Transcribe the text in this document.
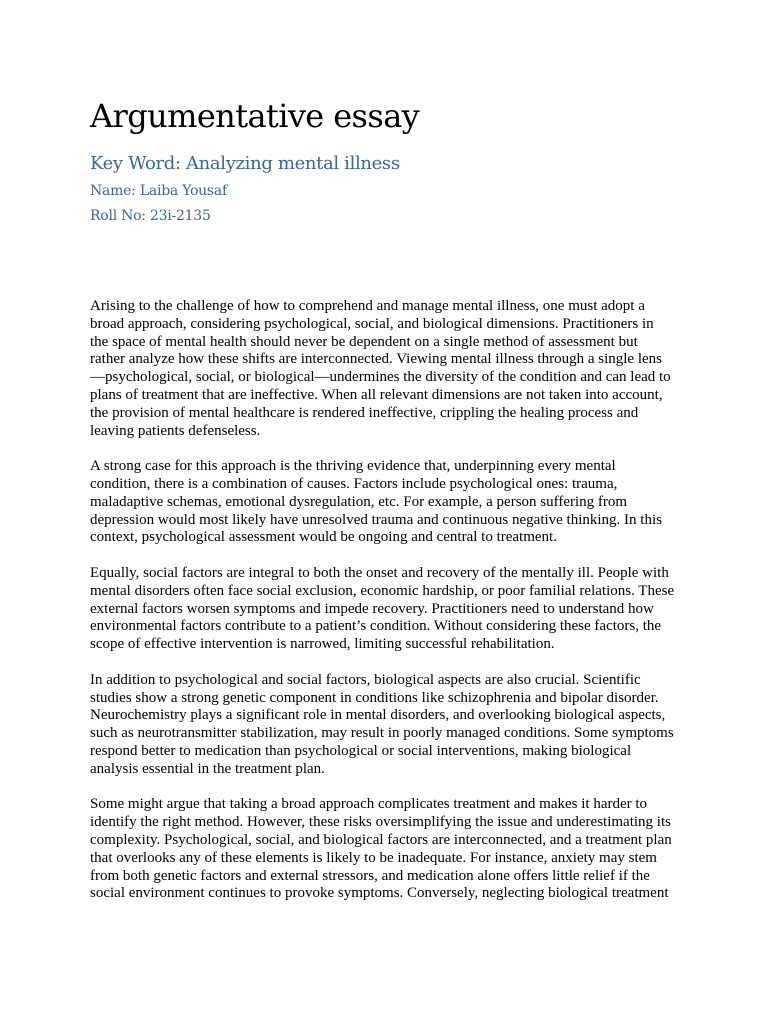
Argumentative essay
Key Word: Analyzing mental illness

Name: Laiba Yousaf

Roll No: 23i-2135

Arising to the challenge of how to comprehend and manage mental illness, one must adopt a
broad approach, considering psychological, social, and biological dimensions. Practitioners in
the space of mental health should never be dependent on a single method of assessment but
rather analyze how these shifts are interconnected. Viewing mental illness through a single lens
—psychological, social, or biological—undermines the diversity of the condition and can lead to
plans of treatment that are ineffective. When all relevant dimensions are not taken into account,
the provision of mental healthcare is rendered ineffective, crippling the healing process and
leaving patients defenseless.

A strong case for this approach is the thriving evidence that, underpinning every mental
condition, there is a combination of causes. Factors include psychological ones: trauma,
maladaptive schemas, emotional dysregulation, etc. For example, a person suffering from
depression would most likely have unresolved trauma and continuous negative thinking. In this
context, psychological assessment would be ongoing and central to treatment.

Equally, social factors are integral to both the onset and recovery of the mentally ill. People with
mental disorders often face social exclusion, economic hardship, or poor familial relations. These
external factors worsen symptoms and impede recovery. Practitioners need to understand how
environmental factors contribute to a patient’s condition. Without considering these factors, the
scope of effective intervention is narrowed, limiting successful rehabilitation.

In addition to psychological and social factors, biological aspects are also crucial. Scientific
studies show a strong genetic component in conditions like schizophrenia and bipolar disorder.
Neurochemistry plays a significant role in mental disorders, and overlooking biological aspects,
such as neurotransmitter stabilization, may result in poorly managed conditions. Some symptoms
respond better to medication than psychological or social interventions, making biological
analysis essential in the treatment plan.

Some might argue that taking a broad approach complicates treatment and makes it harder to
identify the right method. However, these risks oversimplifying the issue and underestimating its
complexity. Psychological, social, and biological factors are interconnected, and a treatment plan
that overlooks any of these elements is likely to be inadequate. For instance, anxiety may stem
from both genetic factors and external stressors, and medication alone offers little relief if the
social environment continues to provoke symptoms. Conversely, neglecting biological treatment
